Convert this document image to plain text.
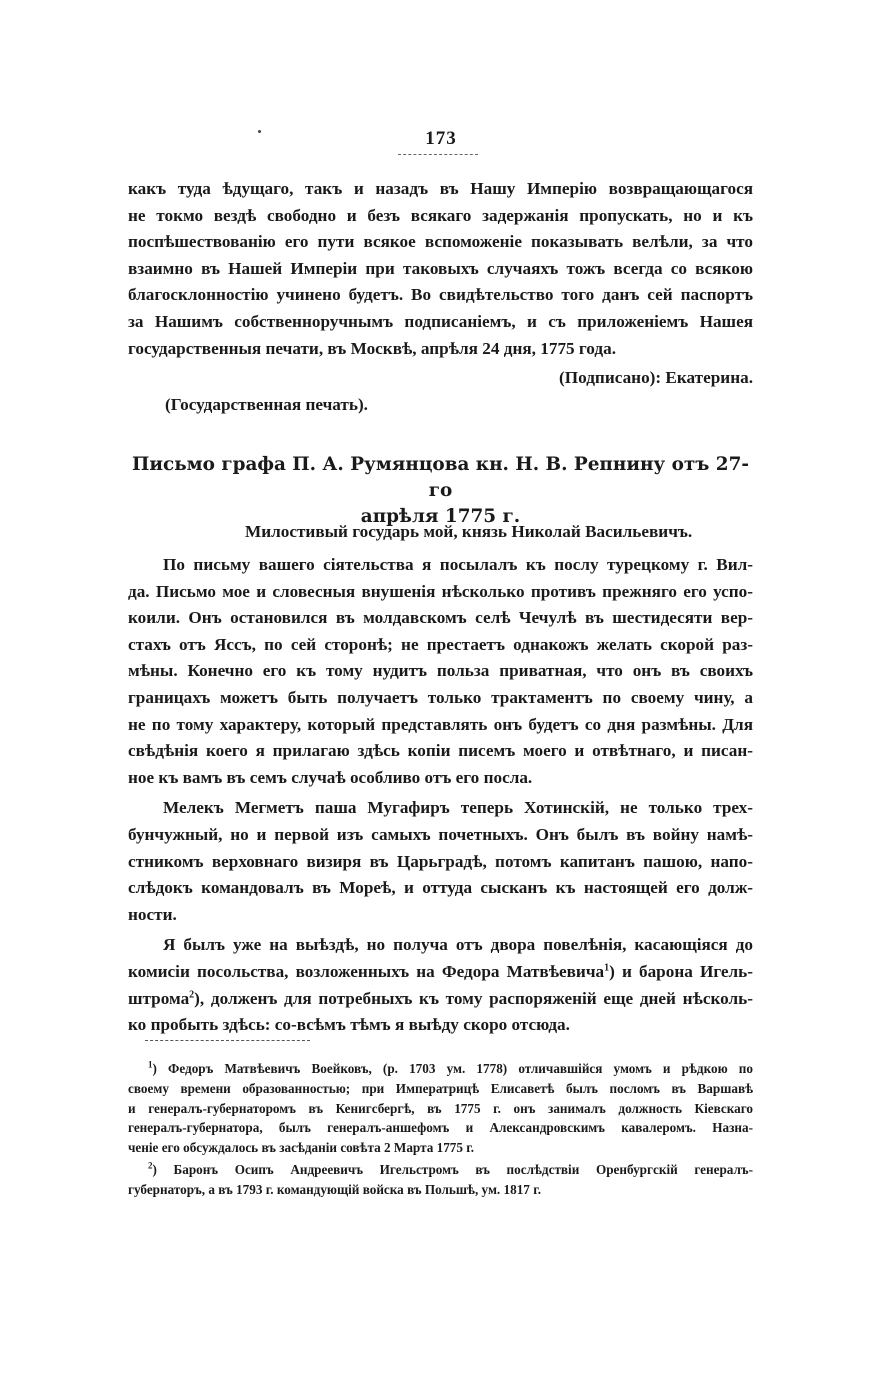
173
какъ туда ѣдущаго, такъ и назадъ въ Нашу Имперію возвращающагося
не токмо вездѣ свободно и безъ всякаго задержанія пропускать, но и къ
поспѣшествованію его пути всякое вспоможеніе показывать велѣли, за что
взаимно въ Нашей Имперіи при таковыхъ случаяхъ тожъ всегда со всякою
благосклонностію учинено будетъ. Во свидѣтельство того данъ сей паспортъ
за Нашимъ собственноручнымъ подписаніемъ, и съ приложеніемъ Нашея
государственныя печати, въ Москвѣ, апрѣля 24 дня, 1775 года.
(Подписано): Екатерина.
(Государственная печать).
Письмо графа П. А. Румянцова кн. Н. В. Репнину отъ 27-го
апрѣля 1775 г.
Милостивый государь мой, князь Николай Васильевичъ.
По письму вашего сіятельства я посылалъ къ послу турецкому г. Вил-
да. Письмо мое и словесныя внушенія нѣсколько противъ прежняго его успо-
коили. Онъ остановился въ молдавскомъ селѣ Чечулѣ въ шестидесяти вер-
стахъ отъ Яссъ, по сей сторонѣ; не престаетъ однакожъ желать скорой раз-
мѣны. Конечно его къ тому нудитъ польза приватная, что онъ въ своихъ
границахъ можетъ быть получаетъ только трактаментъ по своему чину, а
не по тому характеру, который представлять онъ будетъ со дня размѣны. Для
свѣдѣнія коего я прилагаю здѣсь копіи писемъ моего и отвѣтнаго, и писан-
ное къ вамъ въ семъ случаѣ особливо отъ его посла.
Мелекъ Мегметъ паша Мугафиръ теперь Хотинскій, не только трех-
бунчужный, но и первой изъ самыхъ почетныхъ. Онъ былъ въ войну намѣ-
стникомъ верховнаго визиря въ Царьградѣ, потомъ капитанъ пашою, напо-
слѣдокъ командовалъ въ Мореѣ, и оттуда сысканъ къ настоящей его долж-
ности.
Я былъ уже на выѣздѣ, но получа отъ двора повелѣнія, касающіяся до
комисіи посольства, возложенныхъ на Федора Матвѣевича$^1$) и барона Игель-
штрома$^2$), долженъ для потребныхъ къ тому распоряженій еще дней нѣсколь-
ко пробыть здѣсь: со-всѣмъ тѣмъ я выѣду скоро отсюда.
$^1$) Федоръ Матвѣевичъ Воейковъ, (р. 1703 ум. 1778) отличавшійся умомъ и рѣдкою по
своему времени образованностью; при Императрицѣ Елисаветѣ былъ посломъ въ Варшавѣ
и генералъ-губернаторомъ въ Кенигсбергѣ, въ 1775 г. онъ занималъ должность Кіевскаго
генералъ-губернатора, былъ генералъ-аншефомъ и Александровскимъ кавалеромъ. Назна-
ченіе его обсуждалось въ засѣданіи совѣта 2 Марта 1775 г.
$^2$) Баронъ Осипъ Андреевичъ Игельстромъ въ послѣдствіи Оренбургскій генералъ-
губернаторъ, а въ 1793 г. командующій войска въ Польшѣ, ум. 1817 г.
